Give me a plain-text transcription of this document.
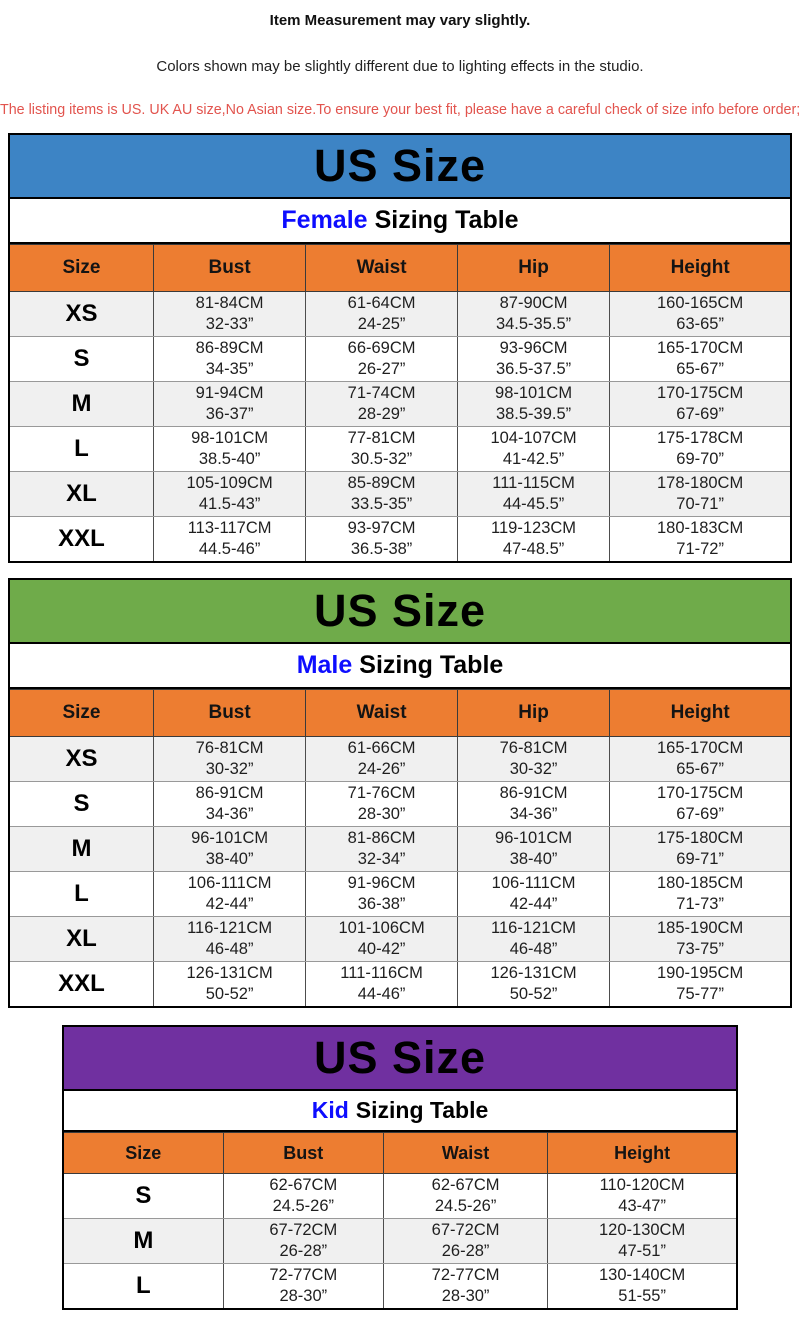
Item Measurement may vary slightly.
Colors shown may be slightly different due to lighting effects in the studio.
The listing items is US. UK AU size,No Asian size.To ensure your best fit, please have a careful check of size info before order;
US Size
Female Sizing Table
Size	Bust	Waist	Hip	Height
XS	81-84CM
32-33”

61-64CM
24-25”

87-90CM
34.5-35.5”

160-165CM
63-65”

S	86-89CM
34-35”

66-69CM
26-27”

93-96CM
36.5-37.5”

165-170CM
65-67”

M	91-94CM
36-37”

71-74CM
28-29”

98-101CM
38.5-39.5”

170-175CM
67-69”

L	98-101CM
38.5-40”

77-81CM
30.5-32”

104-107CM
41-42.5”

175-178CM
69-70”

XL	105-109CM
41.5-43”

85-89CM
33.5-35”

111-115CM
44-45.5”

178-180CM
70-71”

XXL	113-117CM
44.5-46”

93-97CM
36.5-38”

119-123CM
47-48.5”

180-183CM
71-72”
US Size
Male Sizing Table
Size	Bust	Waist	Hip	Height
XS	76-81CM
30-32”

61-66CM
24-26”

76-81CM
30-32”

165-170CM
65-67”

S	86-91CM
34-36”

71-76CM
28-30”

86-91CM
34-36”

170-175CM
67-69”

M	96-101CM
38-40”

81-86CM
32-34”

96-101CM
38-40”

175-180CM
69-71”

L	106-111CM
42-44”

91-96CM
36-38”

106-111CM
42-44”

180-185CM
71-73”

XL	116-121CM
46-48”

101-106CM
40-42”

116-121CM
46-48”

185-190CM
73-75”

XXL	126-131CM
50-52”

111-116CM
44-46”

126-131CM
50-52”

190-195CM
75-77”
US Size
Kid Sizing Table
Size	Bust	Waist	Height
S	62-67CM
24.5-26”

62-67CM
24.5-26”

110-120CM
43-47”

M	67-72CM
26-28”

67-72CM
26-28”

120-130CM
47-51”

L	72-77CM
28-30”

72-77CM
28-30”

130-140CM
51-55”
